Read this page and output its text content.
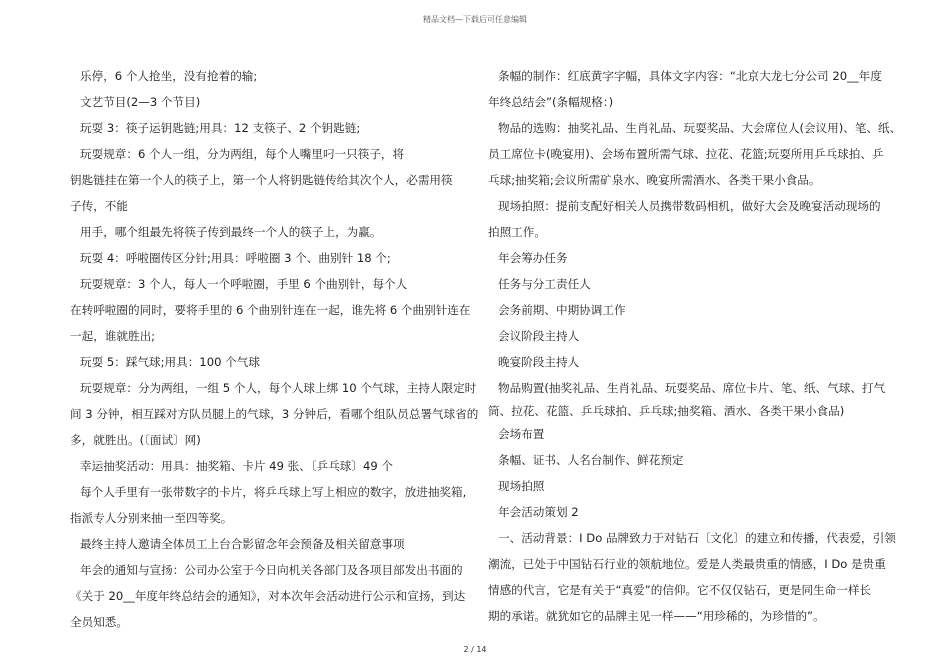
精品文档—下载后可任意编辑
乐停，6 个人抢坐，没有抢着的输;
文艺节目(2—3 个节目)
玩耍 3：筷子运钥匙链;用具：12 支筷子、2 个钥匙链;
玩耍规章：6 个人一组，分为两组，每个人嘴里叼一只筷子，将
钥匙链挂在第一个人的筷子上，第一个人将钥匙链传给其次个人，必需用筷
子传，不能
用手，哪个组最先将筷子传到最终一个人的筷子上，为赢。
玩耍 4：呼啦圈传区分针;用具：呼啦圈 3 个、曲别针 18 个;
玩耍规章：3 个人，每人一个呼啦圈，手里 6 个曲别针，每个人
在转呼啦圈的同时，要将手里的 6 个曲别针连在一起，谁先将 6 个曲别针连在
一起，谁就胜出;
玩耍 5：踩气球;用具：100 个气球
玩耍规章：分为两组，一组 5 个人，每个人球上绑 10 个气球，主持人限定时
间 3 分钟，相互踩对方队员腿上的气球，3 分钟后，看哪个组队员总署气球省的
多，就胜出。(〔面试〕网)
幸运抽奖活动：用具：抽奖箱、卡片 49 张、〔乒乓球〕49 个
每个人手里有一张带数字的卡片，将乒乓球上写上相应的数字，放进抽奖箱,
指派专人分别来抽一至四等奖。
最终主持人邀请全体员工上台合影留念年会预备及相关留意事项
年会的通知与宣扬：公司办公室于今日向机关各部门及各项目部发出书面的
《关于 20__年度年终总结会的通知》，对本次年会活动进行公示和宣扬，到达
全员知悉。
条幅的制作：红底黄字字幅，具体文字内容：“北京大龙七分公司 20__年度
年终总结会”(条幅规格：)
物品的选购：抽奖礼品、生肖礼品、玩耍奖品、大会席位人(会议用)、笔、纸、
员工席位卡(晚宴用)、会场布置所需气球、拉花、花篮;玩耍所用乒乓球拍、乒
乓球;抽奖箱;会议所需矿泉水、晚宴所需酒水、各类干果小食品。
现场拍照：提前支配好相关人员携带数码相机，做好大会及晚宴活动现场的
拍照工作。
年会筹办任务
任务与分工责任人
会务前期、中期协调工作
会议阶段主持人
晚宴阶段主持人
物品购置(抽奖礼品、生肖礼品、玩耍奖品、席位卡片、笔、纸、气球、打气
筒、拉花、花篮、乒乓球拍、乒乓球;抽奖箱、酒水、各类干果小食品)
会场布置
条幅、证书、人名台制作、鲜花预定
现场拍照
年会活动策划 2
一、活动背景：I Do 品牌致力于对钻石〔文化〕的建立和传播，代表爱，引领
潮流，已处于中国钻石行业的领航地位。爱是人类最贵重的情感，I Do 是贵重
情感的代言，它是有关于“真爱”的信仰。它不仅仅钻石，更是同生命一样长
期的承诺。就犹如它的品牌主见一样——“用珍稀的，为珍惜的”。
2 / 14
